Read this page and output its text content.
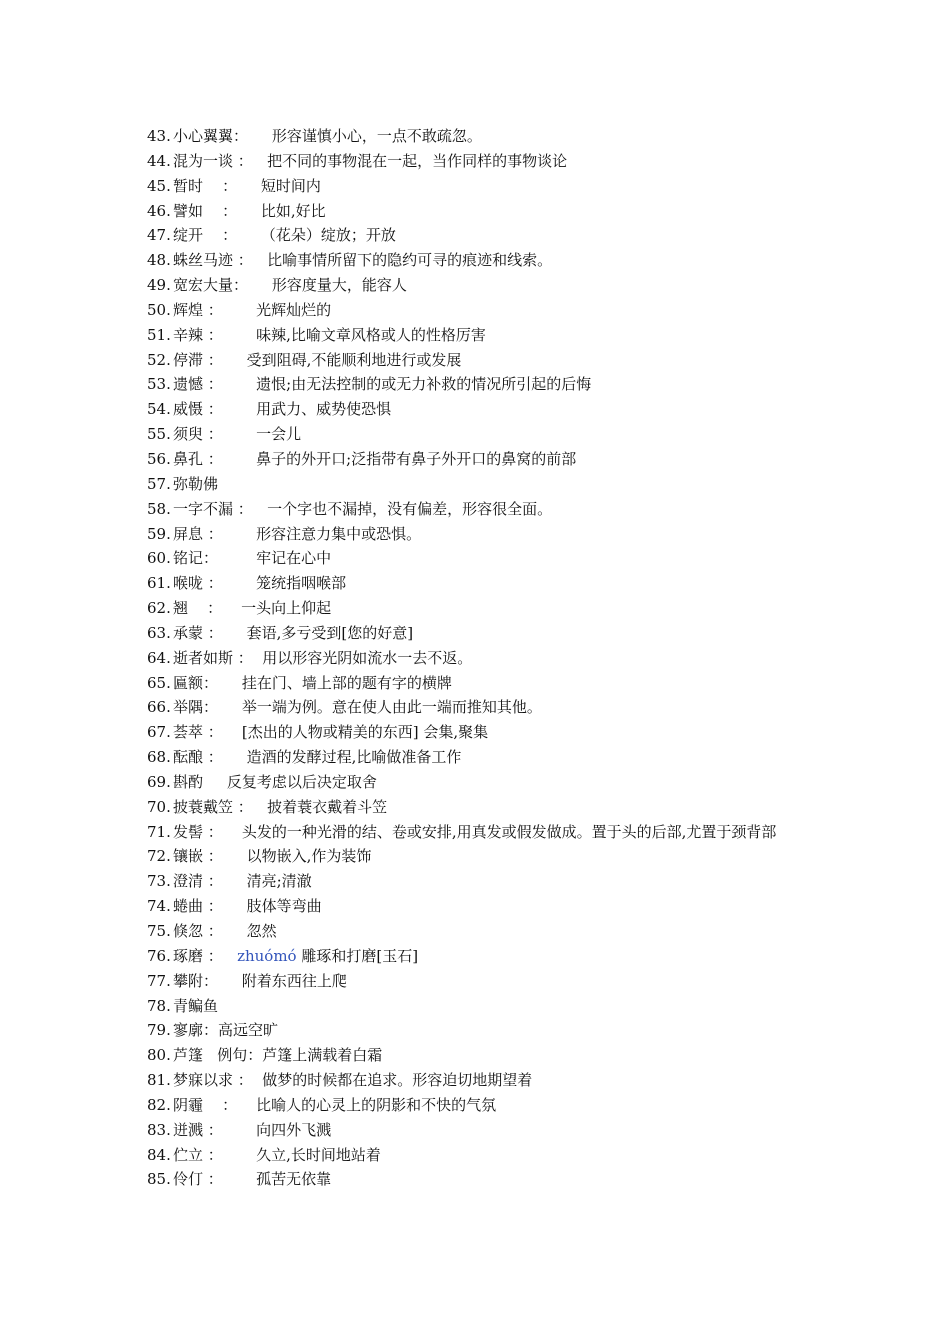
43. 小心翼翼：     形容谨慎小心，一点不敢疏忽。
44. 混为一谈 ：   把不同的事物混在一起，当作同样的事物谈论
45. 暂时    ：     短时间内
46. 譬如    ：     比如,好比
47. 绽开    ：     （花朵）绽放；开放
48. 蛛丝马迹 ：   比喻事情所留下的隐约可寻的痕迹和线索。
49. 宽宏大量：     形容度量大，能容人
50. 辉煌 ：       光辉灿烂的
51. 辛辣 ：       味辣,比喻文章风格或人的性格厉害
52. 停滞 ：     受到阻碍,不能顺利地进行或发展
53. 遗憾 ：       遗恨;由无法控制的或无力补救的情况所引起的后悔
54. 威慑 ：       用武力、威势使恐惧
55. 须臾 ：       一会儿
56. 鼻孔 ：       鼻子的外开口;泛指带有鼻子外开口的鼻窝的前部
57. 弥勒佛
58. 一字不漏 ：   一个字也不漏掉，没有偏差，形容很全面。
59. 屏息 ：       形容注意力集中或恐惧。
60. 铭记：        牢记在心中
61. 喉咙 ：       笼统指咽喉部
62. 翘    ：    一头向上仰起
63. 承蒙 ：     套语,多亏受到[您的好意]
64. 逝者如斯 ：  用以形容光阴如流水一去不返。
65. 匾额：     挂在门、墙上部的题有字的横牌
66. 举隅：     举一端为例。意在使人由此一端而推知其他。
67. 荟萃 ：    [杰出的人物或精美的东西] 会集,聚集
68. 酝酿 ：     造酒的发酵过程,比喻做准备工作
69. 斟酌     反复考虑以后决定取舍
70. 披蓑戴笠 ：   披着蓑衣戴着斗笠
71. 发髻 ：    头发的一种光滑的结、卷或安排,用真发或假发做成。置于头的后部,尤置于颈背部
72. 镶嵌 ：     以物嵌入,作为装饰
73. 澄清 ：     清亮;清澈
74. 蜷曲 ：     肢体等弯曲
75. 倏忽 ：     忽然
76. 琢磨 ：   zhuómó 雕琢和打磨[玉石]
77. 攀附：     附着东西往上爬
78. 青鳊鱼
79. 寥廓：高远空旷
80. 芦篷   例句：芦篷上满载着白霜
81. 梦寐以求 ：  做梦的时候都在追求。形容迫切地期望着
82. 阴霾    ：    比喻人的心灵上的阴影和不快的气氛
83. 迸溅 ：       向四外飞溅
84. 伫立 ：       久立,长时间地站着
85. 伶仃 ：       孤苦无依靠
